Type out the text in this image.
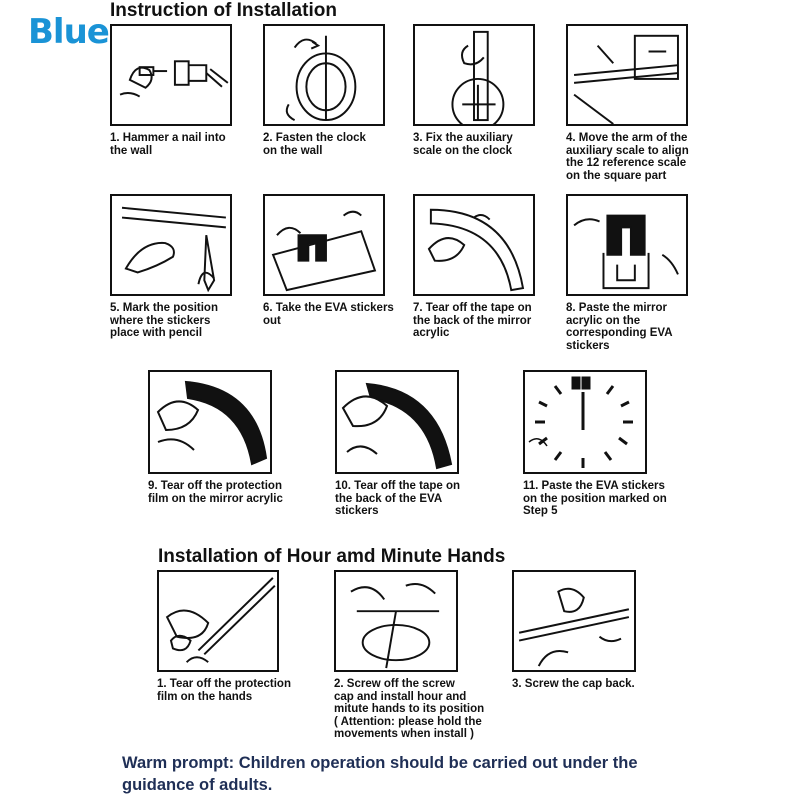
Blue
Instruction of Installation
1. Hammer a nail into
the wall
2. Fasten the clock
on the wall
3. Fix the auxiliary
scale on the clock
4. Move the arm of the
auxiliary scale to align
the 12 reference scale
on the square part
5. Mark the position
where the stickers
place with pencil
6. Take the EVA stickers
out
7. Tear off the tape on
the back of the mirror
acrylic
8. Paste the mirror
acrylic on the
corresponding EVA
stickers
9. Tear off the protection
film on the mirror acrylic
10. Tear off the tape on
the back of the EVA
stickers
11. Paste the EVA stickers
on the position marked on
Step 5
Installation of Hour amd Minute Hands
1. Tear off the protection
film on the hands
2. Screw off the screw
cap and install hour and
mitute hands to its position
( Attention: please hold the
movements when install )
3. Screw the cap back.
Warm prompt: Children operation should be carried out under the guidance of adults.
